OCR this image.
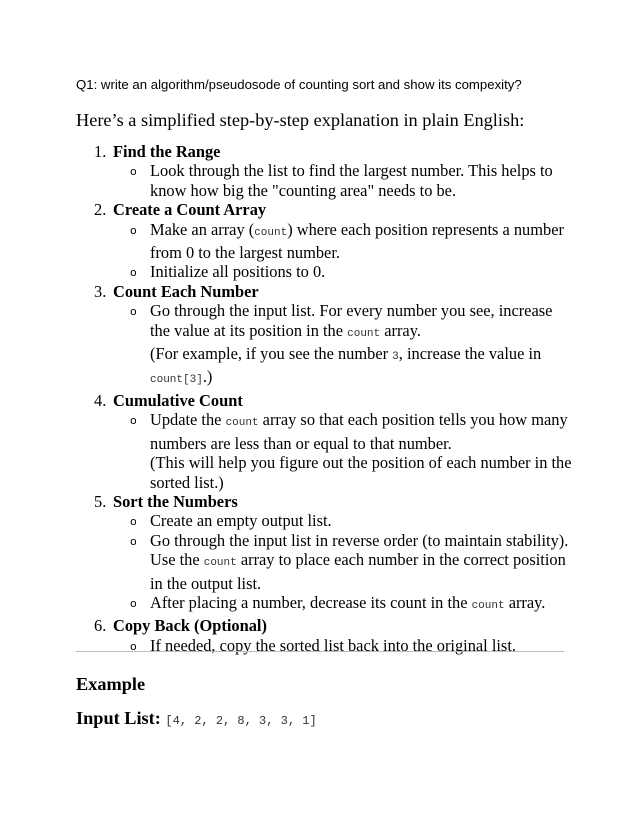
Q1: write an algorithm/pseudosode of counting sort and show its compexity?
Here’s a simplified step-by-step explanation in plain English:
1. Find the Range
o Look through the list to find the largest number. This helps to know how big the "counting area" needs to be.

2. Create a Count Array
o Make an array (count) where each position represents a number from 0 to the largest number.

o Initialize all positions to 0.

3. Count Each Number
o Go through the input list. For every number you see, increase the value at its position in the count array.

(For example, if you see the number 3, increase the value in count[3].)

4. Cumulative Count
o Update the count array so that each position tells you how many numbers are less than or equal to that number.

(This will help you figure out the position of each number in the sorted list.)

5. Sort the Numbers
o Create an empty output list.

o Go through the input list in reverse order (to maintain stability). Use the count array to place each number in the correct position in the output list.

o After placing a number, decrease its count in the count array.

6. Copy Back (Optional)
o If needed, copy the sorted list back into the original list.

Example
Input List: [4, 2, 2, 8, 3, 3, 1]
